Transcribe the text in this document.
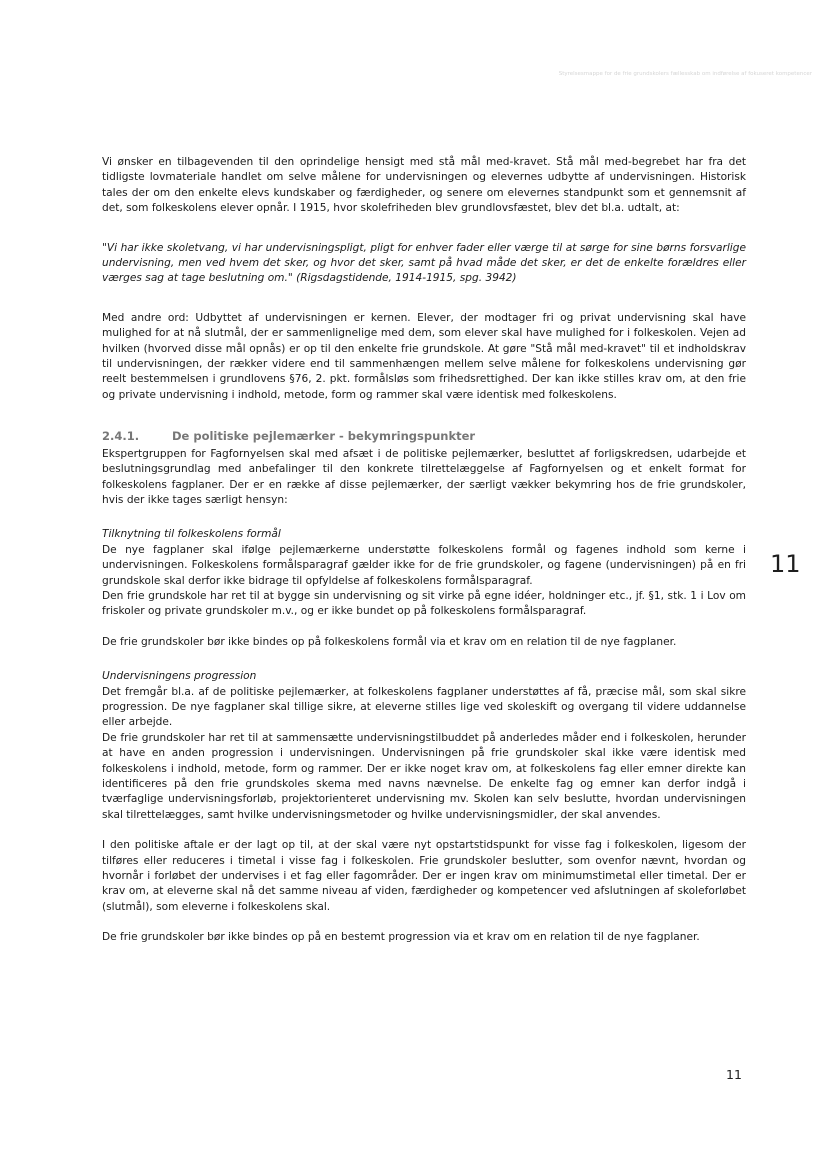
Styrelsesmappe for de frie grundskolers fællesskab om indførelse af fokuseret kompetencer

Vi ønsker en tilbagevenden til den oprindelige hensigt med stå mål med-kravet. Stå mål med-begrebet har fra det tidligste lovmateriale handlet om selve målene for undervisningen og elevernes udbytte af undervisningen. Historisk tales der om den enkelte elevs kundskaber og færdigheder, og senere om elevernes standpunkt som et gennemsnit af det, som folkeskolens elever opnår. I 1915, hvor skolefriheden blev grundlovsfæstet, blev det bl.a. udtalt, at:

"Vi har ikke skoletvang, vi har undervisningspligt, pligt for enhver fader eller værge til at sørge for sine børns forsvarlige undervisning, men ved hvem det sker, og hvor det sker, samt på hvad måde det sker, er det de enkelte forældres eller værges sag at tage beslutning om." (Rigsdagstidende, 1914-1915, spg. 3942)

Med andre ord: Udbyttet af undervisningen er kernen. Elever, der modtager fri og privat undervisning skal have mulighed for at nå slutmål, der er sammenlignelige med dem, som elever skal have mulighed for i folkeskolen. Vejen ad hvilken (hvorved disse mål opnås) er op til den enkelte frie grundskole. At gøre "Stå mål med-kravet" til et indholdskrav til undervisningen, der rækker videre end til sammenhængen mellem selve målene for folkeskolens undervisning gør reelt bestemmelsen i grundlovens §76, 2. pkt. formålsløs som frihedsrettighed. Der kan ikke stilles krav om, at den frie og private undervisning i indhold, metode, form og rammer skal være identisk med folkeskolens.

2.4.1.	De politiske pejlemærker - bekymringspunkter

Ekspertgruppen for Fagfornyelsen skal med afsæt i de politiske pejlemærker, besluttet af forligskredsen, udarbejde et beslutningsgrundlag med anbefalinger til den konkrete tilrettelæggelse af Fagfornyelsen og et enkelt format for folkeskolens fagplaner. Der er en række af disse pejlemærker, der særligt vækker bekymring hos de frie grundskoler, hvis der ikke tages særligt hensyn:

Tilknytning til folkeskolens formål

De nye fagplaner skal ifølge pejlemærkerne understøtte folkeskolens formål og fagenes indhold som kerne i undervisningen. Folkeskolens formålsparagraf gælder ikke for de frie grundskoler, og fagene (undervisningen) på en fri grundskole skal derfor ikke bidrage til opfyldelse af folkeskolens formålsparagraf.

Den frie grundskole har ret til at bygge sin undervisning og sit virke på egne idéer, holdninger etc., jf. §1, stk. 1 i Lov om friskoler og private grundskoler m.v., og er ikke bundet op på folkeskolens formålsparagraf.

De frie grundskoler bør ikke bindes op på folkeskolens formål via et krav om en relation til de nye fagplaner.

Undervisningens progression

Det fremgår bl.a. af de politiske pejlemærker, at folkeskolens fagplaner understøttes af få, præcise mål, som skal sikre progression. De nye fagplaner skal tillige sikre, at eleverne stilles lige ved skoleskift og overgang til videre uddannelse eller arbejde.

De frie grundskoler har ret til at sammensætte undervisningstilbuddet på anderledes måder end i folkeskolen, herunder at have en anden progression i undervisningen. Undervisningen på frie grundskoler skal ikke være identisk med folkeskolens i indhold, metode, form og rammer. Der er ikke noget krav om, at folkeskolens fag eller emner direkte kan identificeres på den frie grundskoles skema med navns nævnelse. De enkelte fag og emner kan derfor indgå i tværfaglige undervisningsforløb, projektorienteret undervisning mv. Skolen kan selv beslutte, hvordan undervisningen skal tilrettelægges, samt hvilke undervisningsmetoder og hvilke undervisningsmidler, der skal anvendes.

I den politiske aftale er der lagt op til, at der skal være nyt opstartstidspunkt for visse fag i folkeskolen, ligesom der tilføres eller reduceres i timetal i visse fag i folkeskolen. Frie grundskoler beslutter, som ovenfor nævnt, hvordan og hvornår i forløbet der undervises i et fag eller fagområder. Der er ingen krav om minimumstimetal eller timetal. Der er krav om, at eleverne skal nå det samme niveau af viden, færdigheder og kompetencer ved afslutningen af skoleforløbet (slutmål), som eleverne i folkeskolens skal.

De frie grundskoler bør ikke bindes op på en bestemt progression via et krav om en relation til de nye fagplaner.

11
11
